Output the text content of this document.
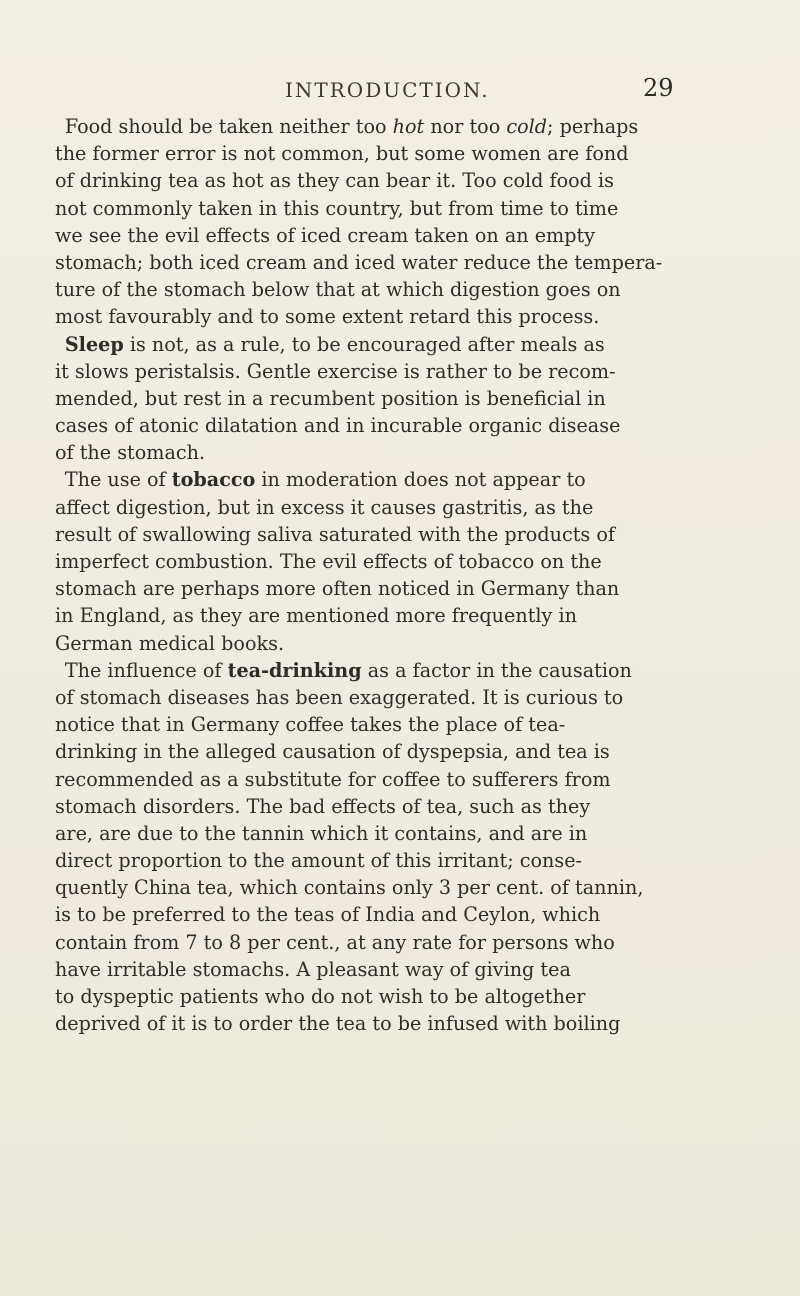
INTRODUCTION.	29
Food should be taken neither too hot nor too cold; perhaps
the former error is not common, but some women are fond
of drinking tea as hot as they can bear it. Too cold food is
not commonly taken in this country, but from time to time
we see the evil effects of iced cream taken on an empty
stomach; both iced cream and iced water reduce the tempera-
ture of the stomach below that at which digestion goes on
most favourably and to some extent retard this process.
Sleep is not, as a rule, to be encouraged after meals as
it slows peristalsis. Gentle exercise is rather to be recom-
mended, but rest in a recumbent position is beneficial in
cases of atonic dilatation and in incurable organic disease
of the stomach.
The use of tobacco in moderation does not appear to
affect digestion, but in excess it causes gastritis, as the
result of swallowing saliva saturated with the products of
imperfect combustion. The evil effects of tobacco on the
stomach are perhaps more often noticed in Germany than
in England, as they are mentioned more frequently in
German medical books.
The influence of tea-drinking as a factor in the causation
of stomach diseases has been exaggerated. It is curious to
notice that in Germany coffee takes the place of tea-
drinking in the alleged causation of dyspepsia, and tea is
recommended as a substitute for coffee to sufferers from
stomach disorders. The bad effects of tea, such as they
are, are due to the tannin which it contains, and are in
direct proportion to the amount of this irritant; conse-
quently China tea, which contains only 3 per cent. of tannin,
is to be preferred to the teas of India and Ceylon, which
contain from 7 to 8 per cent., at any rate for persons who
have irritable stomachs. A pleasant way of giving tea
to dyspeptic patients who do not wish to be altogether
deprived of it is to order the tea to be infused with boiling
